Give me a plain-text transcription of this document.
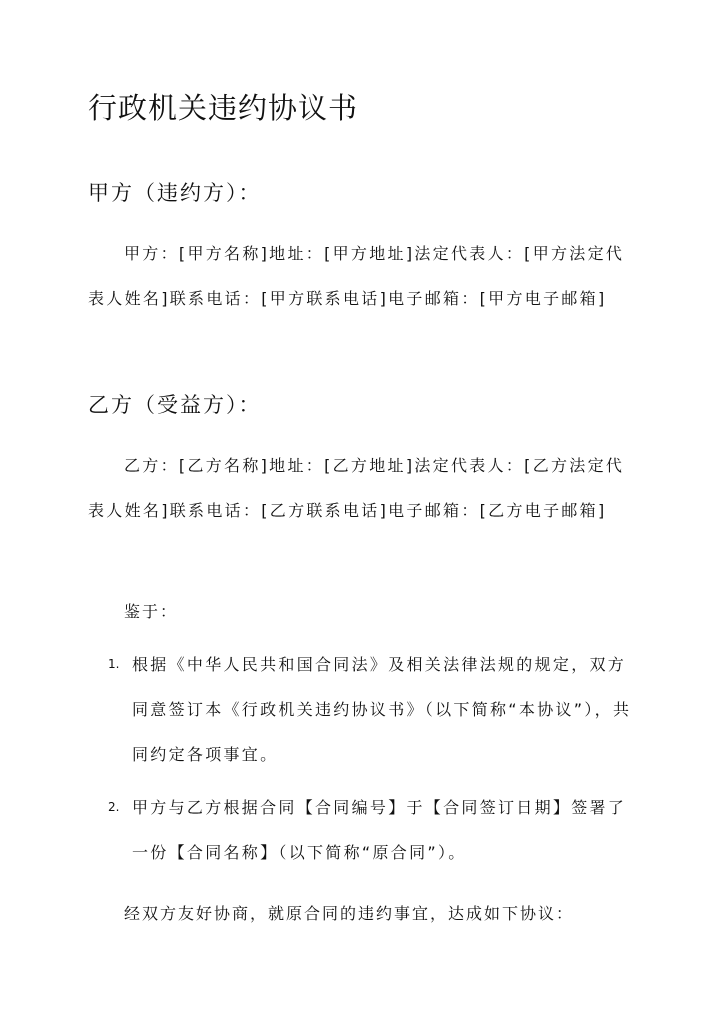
行政机关违约协议书
甲方（违约方）：

甲方：[甲方名称]地址：[甲方地址]法定代表人：[甲方法定代表人姓名]联系电话：[甲方联系电话]电子邮箱：[甲方电子邮箱]

乙方（受益方）：

乙方：[乙方名称]地址：[乙方地址]法定代表人：[乙方法定代表人姓名]联系电话：[乙方联系电话]电子邮箱：[乙方电子邮箱]

鉴于：

1. 根据《中华人民共和国合同法》及相关法律法规的规定，双方同意签订本《行政机关违约协议书》（以下简称“本协议”），共同约定各项事宜。
2. 甲方与乙方根据合同【合同编号】于【合同签订日期】签署了一份【合同名称】（以下简称“原合同”）。

经双方友好协商，就原合同的违约事宜，达成如下协议：
